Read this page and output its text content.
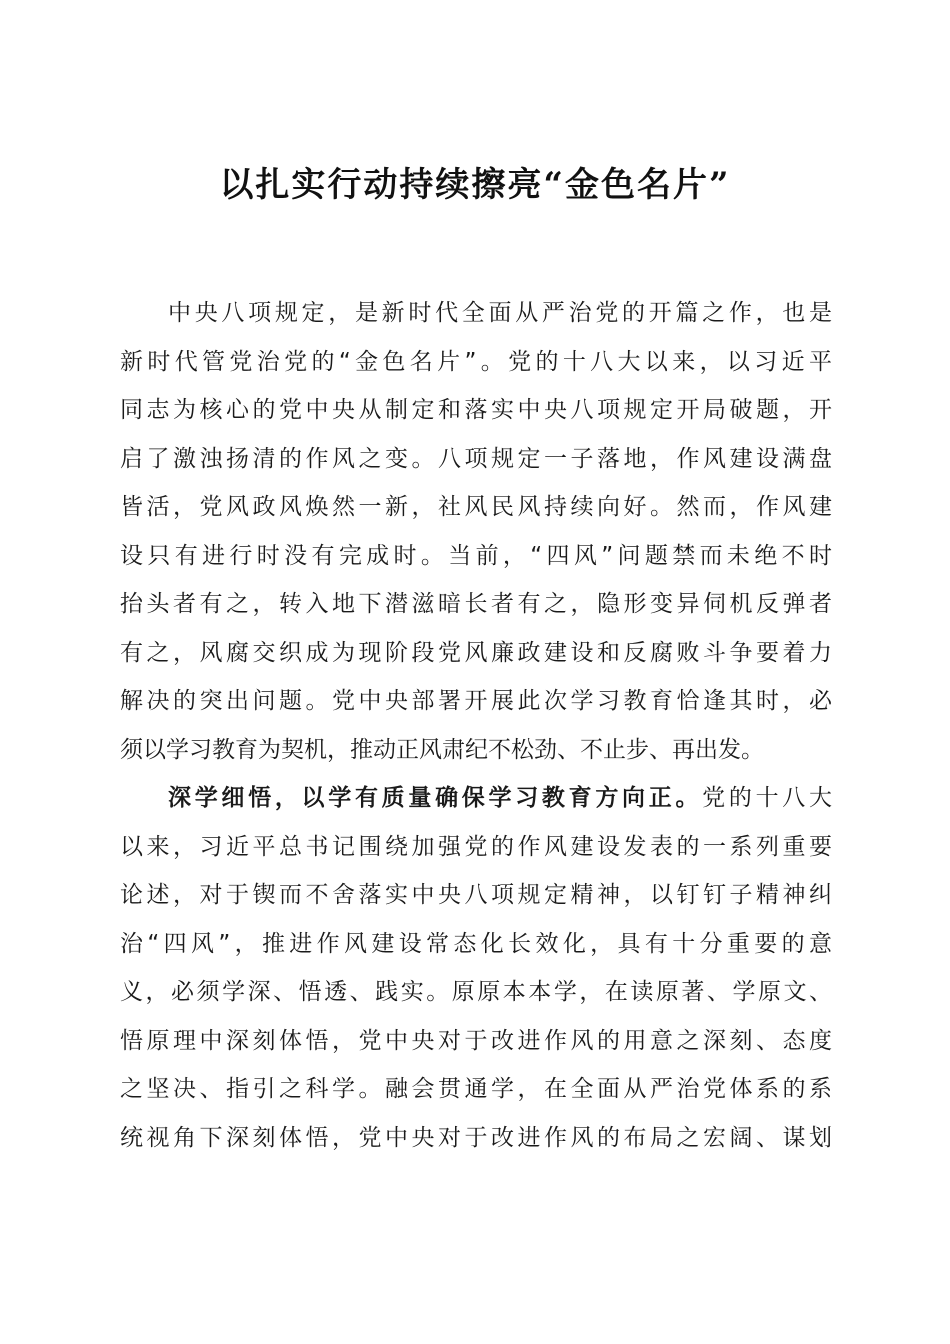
以扎实行动持续擦亮“金色名片”
中央八项规定，是新时代全面从严治党的开篇之作，也是
新时代管党治党的“金色名片”。党的十八大以来，以习近平
同志为核心的党中央从制定和落实中央八项规定开局破题，开
启了激浊扬清的作风之变。八项规定一子落地，作风建设满盘
皆活，党风政风焕然一新，社风民风持续向好。然而，作风建
设只有进行时没有完成时。当前，“四风”问题禁而未绝不时
抬头者有之，转入地下潜滋暗长者有之，隐形变异伺机反弹者
有之，风腐交织成为现阶段党风廉政建设和反腐败斗争要着力
解决的突出问题。党中央部署开展此次学习教育恰逢其时，必
须以学习教育为契机，推动正风肃纪不松劲、不止步、再出发。
深学细悟，以学有质量确保学习教育方向正。党的十八大
以来，习近平总书记围绕加强党的作风建设发表的一系列重要
论述，对于锲而不舍落实中央八项规定精神，以钉钉子精神纠
治“四风”，推进作风建设常态化长效化，具有十分重要的意
义，必须学深、悟透、践实。原原本本学，在读原著、学原文、
悟原理中深刻体悟，党中央对于改进作风的用意之深刻、态度
之坚决、指引之科学。融会贯通学，在全面从严治党体系的系
统视角下深刻体悟，党中央对于改进作风的布局之宏阔、谋划
